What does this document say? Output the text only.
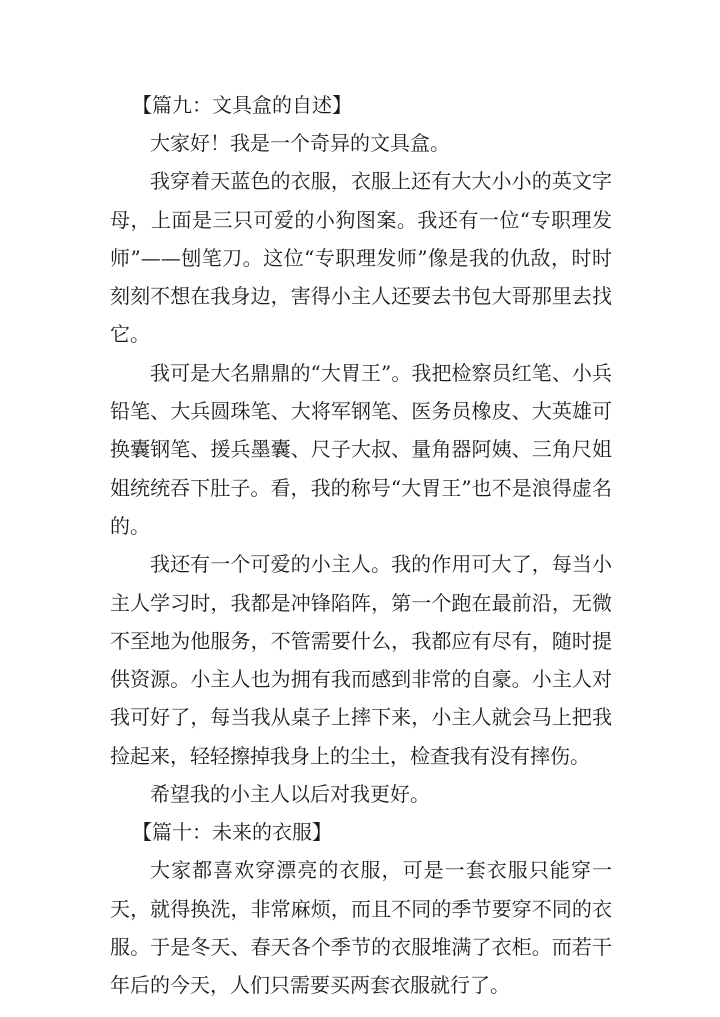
【篇九：文具盒的自述】

大家好！我是一个奇异的文具盒。

我穿着天蓝色的衣服，衣服上还有大大小小的英文字母，上面是三只可爱的小狗图案。我还有一位“专职理发师”——刨笔刀。这位“专职理发师”像是我的仇敌，时时刻刻不想在我身边，害得小主人还要去书包大哥那里去找它。

我可是大名鼎鼎的“大胃王”。我把检察员红笔、小兵铅笔、大兵圆珠笔、大将军钢笔、医务员橡皮、大英雄可换囊钢笔、援兵墨囊、尺子大叔、量角器阿姨、三角尺姐姐统统吞下肚子。看，我的称号“大胃王”也不是浪得虚名的。

我还有一个可爱的小主人。我的作用可大了，每当小主人学习时，我都是冲锋陷阵，第一个跑在最前沿，无微不至地为他服务，不管需要什么，我都应有尽有，随时提供资源。小主人也为拥有我而感到非常的自豪。小主人对我可好了，每当我从桌子上摔下来，小主人就会马上把我捡起来，轻轻擦掉我身上的尘土，检查我有没有摔伤。

希望我的小主人以后对我更好。

【篇十：未来的衣服】

大家都喜欢穿漂亮的衣服，可是一套衣服只能穿一天，就得换洗，非常麻烦，而且不同的季节要穿不同的衣服。于是冬天、春天各个季节的衣服堆满了衣柜。而若干年后的今天，人们只需要买两套衣服就行了。
